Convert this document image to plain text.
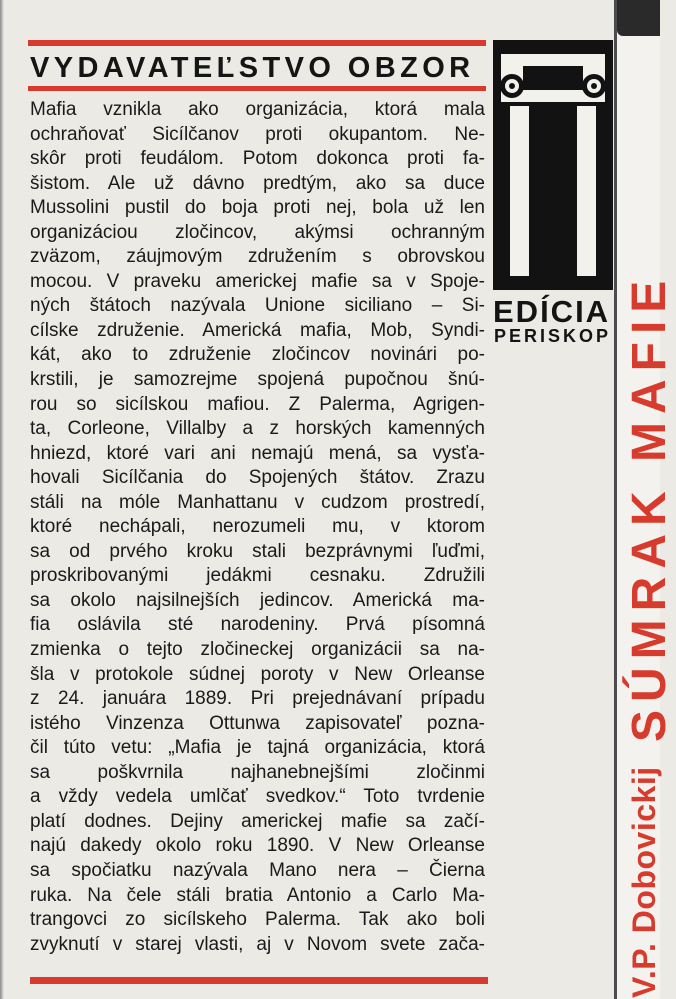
VYDAVATEĽSTVO OBZOR
Mafia vznikla ako organizácia, ktorá mala
ochraňovať Sicílčanov proti okupantom. Ne-
skôr proti feudálom. Potom dokonca proti fa-
šistom. Ale už dávno predtým, ako sa duce
Mussolini pustil do boja proti nej, bola už len
organizáciou zločincov, akýmsi ochranným
zväzom, záujmovým združením s obrovskou
mocou. V praveku americkej mafie sa v Spoje-
ných štátoch nazývala Unione siciliano – Si-
cílske združenie. Americká mafia, Mob, Syndi-
kát, ako to združenie zločincov novinári po-
krstili, je samozrejme spojená pupočnou šnú-
rou so sicílskou mafiou. Z Palerma, Agrigen-
ta, Corleone, Villalby a z horských kamenných
hniezd, ktoré vari ani nemajú mená, sa vysťa-
hovali Sicílčania do Spojených štátov. Zrazu
stáli na móle Manhattanu v cudzom prostredí,
ktoré nechápali, nerozumeli mu, v ktorom
sa od prvého kroku stali bezprávnymi ľuďmi,
proskribovanými jedákmi cesnaku. Združili
sa okolo najsilnejších jedincov. Americká ma-
fia oslávila sté narodeniny. Prvá písomná
zmienka o tejto zločineckej organizácii sa na-
šla v protokole súdnej poroty v New Orleanse
z 24. januára 1889. Pri prejednávaní prípadu
istého Vinzenza Ottunwa zapisovateľ pozna-
čil túto vetu: „Mafia je tajná organizácia, ktorá
sa poškvrnila najhanebnejšími zločinmi
a vždy vedela umlčať svedkov.“ Toto tvrdenie
platí dodnes. Dejiny americkej mafie sa začí-
najú dakedy okolo roku 1890. V New Orleanse
sa spočiatku nazývala Mano nera – Čierna
ruka. Na čele stáli bratia Antonio a Carlo Ma-
trangovci zo sicílskeho Palerma. Tak ako boli
zvyknutí v starej vlasti, aj v Novom svete zača-
EDÍCIA
PERISKOP SÚMRAK MAFIE
V.P. Dobovickij
